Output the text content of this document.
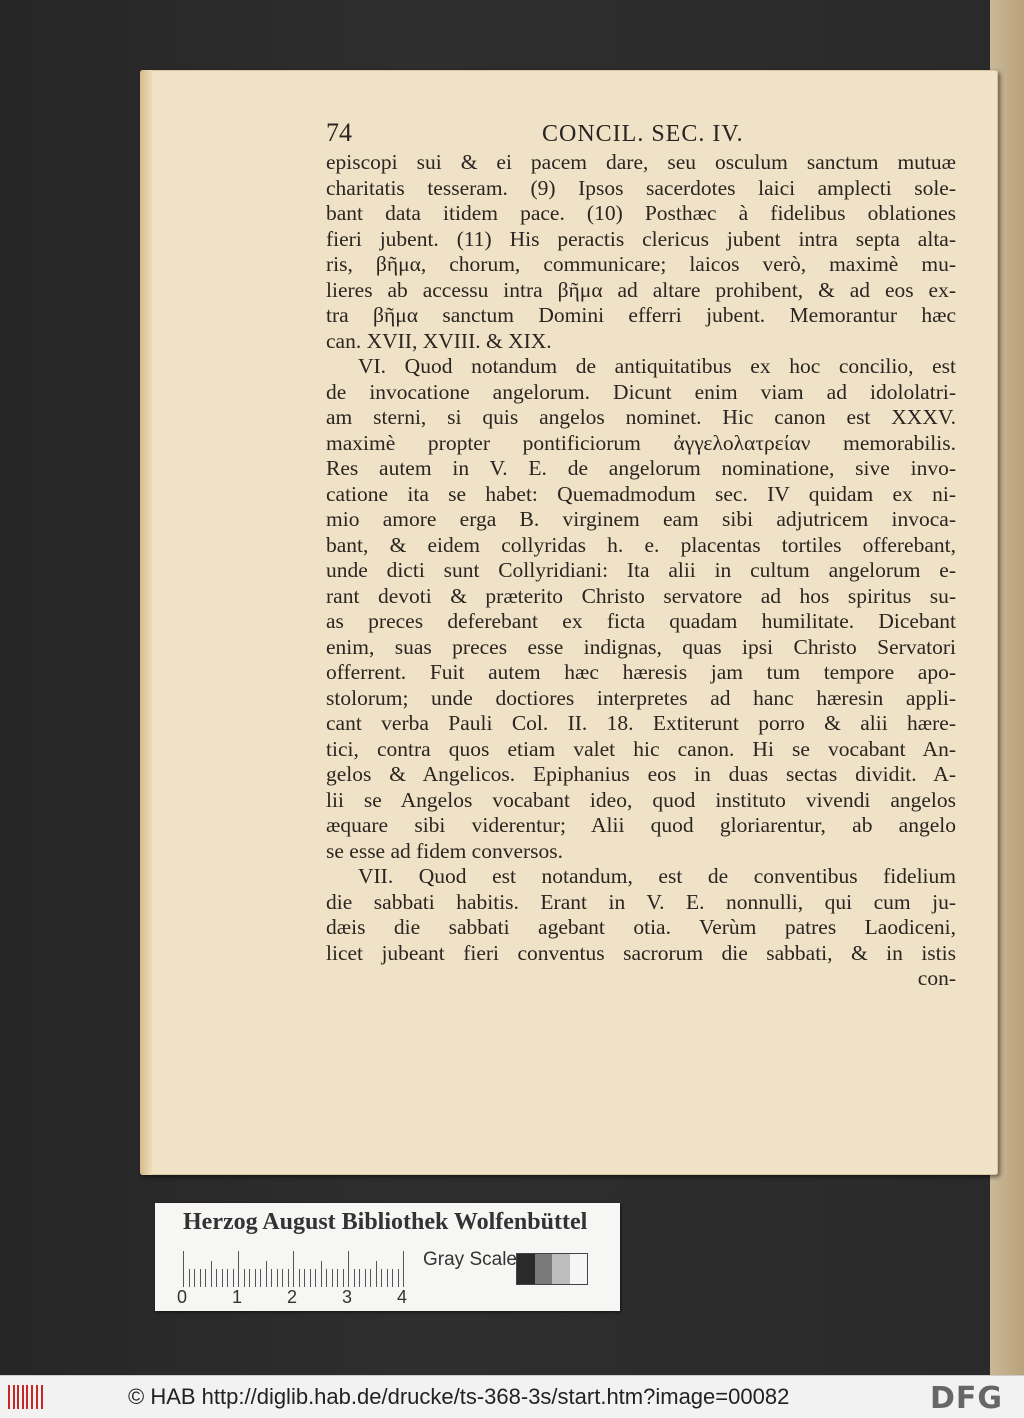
74	CONCIL. SEC. IV.
episcopi sui & ei pacem dare, seu osculum sanctum mutuæ
charitatis tesseram. (9) Ipsos sacerdotes laici amplecti sole-
bant data itidem pace. (10) Posthæc à fidelibus oblationes
fieri jubent. (11) His peractis clericus jubent intra septa alta-
ris, βῆμα, chorum, communicare; laicos verò, maximè mu-
lieres ab accessu intra βῆμα ad altare prohibent, & ad eos ex-
tra βῆμα sanctum Domini efferri jubent. Memorantur hæc
can. XVII, XVIII. & XIX.
VI. Quod notandum de antiquitatibus ex hoc concilio, est
de invocatione angelorum. Dicunt enim viam ad idololatri-
am sterni, si quis angelos nominet. Hic canon est XXXV.
maximè propter pontificiorum ἀγγελολατρείαν memorabilis.
Res autem in V. E. de angelorum nominatione, sive invo-
catione ita se habet: Quemadmodum sec. IV quidam ex ni-
mio amore erga B. virginem eam sibi adjutricem invoca-
bant, & eidem collyridas h. e. placentas tortiles offerebant,
unde dicti sunt Collyridiani: Ita alii in cultum angelorum e-
rant devoti & præterito Christo servatore ad hos spiritus su-
as preces deferebant ex ficta quadam humilitate. Dicebant
enim, suas preces esse indignas, quas ipsi Christo Servatori
offerrent. Fuit autem hæc hæresis jam tum tempore apo-
stolorum; unde doctiores interpretes ad hanc hæresin appli-
cant verba Pauli Col. II. 18. Extiterunt porro & alii hære-
tici, contra quos etiam valet hic canon. Hi se vocabant An-
gelos & Angelicos. Epiphanius eos in duas sectas dividit. A-
lii se Angelos vocabant ideo, quod instituto vivendi angelos
æquare sibi viderentur; Alii quod gloriarentur, ab angelo
se esse ad fidem conversos.
VII. Quod est notandum, est de conventibus fidelium
die sabbati habitis. Erant in V. E. nonnulli, qui cum ju-
dæis die sabbati agebant otia. Verùm patres Laodiceni,
licet jubeant fieri conventus sacrorum die sabbati, & in istis
con-
Herzog August Bibliothek Wolfenbüttel
Gray Scale
0 1 2 3 4
© HAB http://diglib.hab.de/drucke/ts-368-3s/start.htm?image=00082	DFG
